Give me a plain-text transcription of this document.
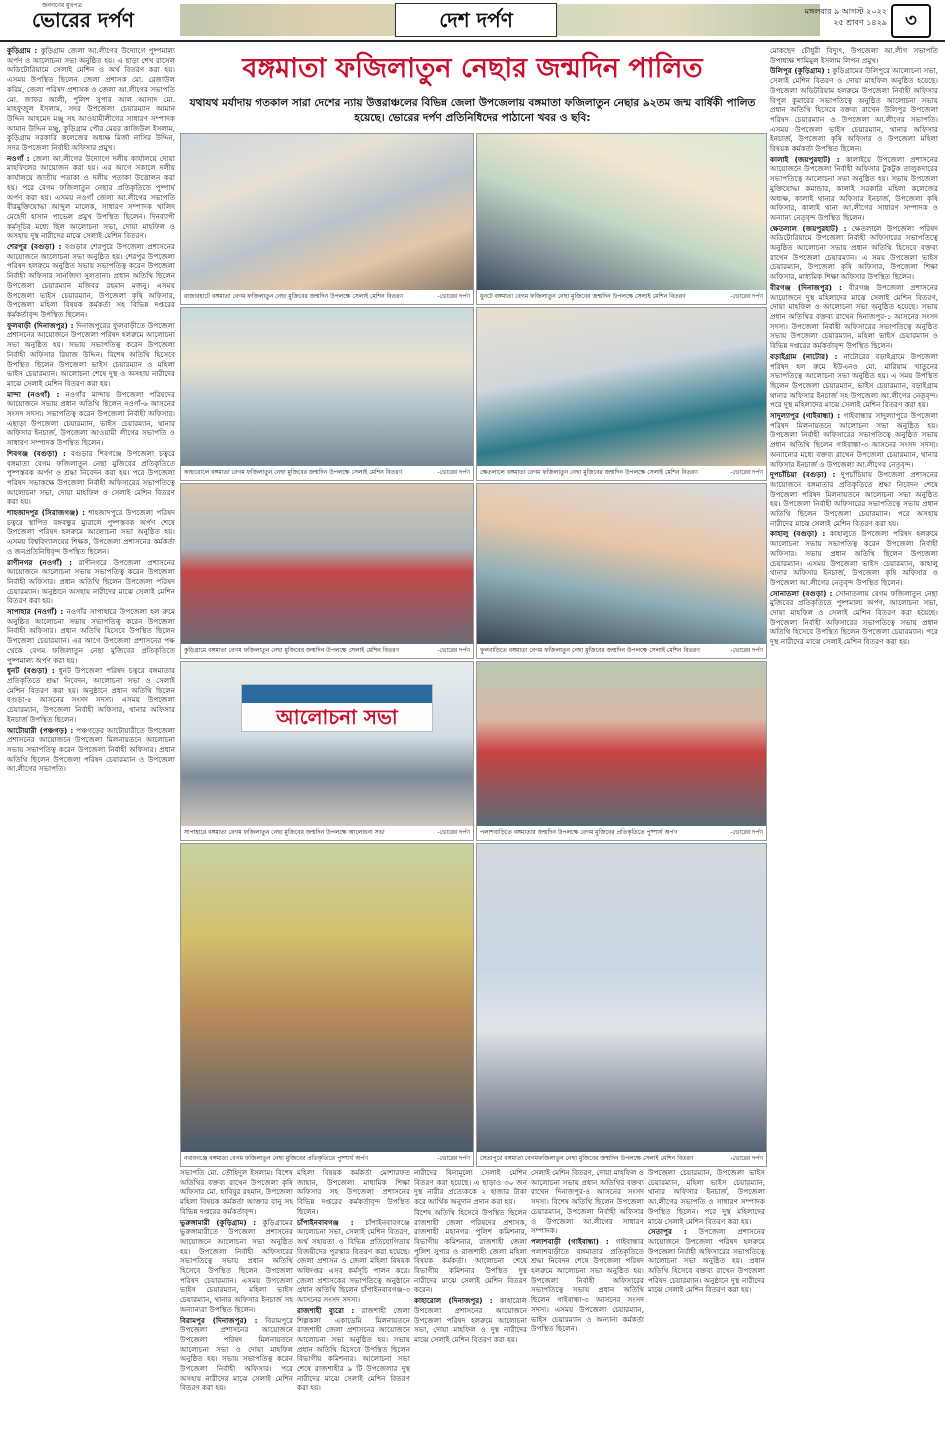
জনগণের মুখপত্র
ভোরের দর্পণ	দেশ দর্পণ	মঙ্গলবার ৯ আগস্ট ২০২২
২৫ শ্রাবণ ১৪২৯	৩

কুড়িগ্রাম : কুড়িগ্রাম জেলা আ.লীগের উদ্যোগে পুষ্পমাল্য অর্পণ ও আলোচনা সভা অনুষ্ঠিত হয়। এ ছাড়া শেখ রাসেল অডিটোরিয়ামে সেলাই মেশিন ও অর্থ বিতরণ করা হয়। এসময় উপস্থিত ছিলেন জেলা প্রশাসক মো. রেজাউল করিম, জেলা পরিষদ প্রশাসক ও জেলা আ.লীগের সভাপতি মো. জাফর আলী, পুলিশ সুপার আল আসাদ মো. মাহফুজুল ইসলাম, সদর উপজেলা চেয়ারম্যান আমান উদ্দিন আহমেদ মঞ্জু সহ আওয়ামীলীগের সাধারণ সম্পাদক আমান উদ্দিন মঞ্জু, কুড়িগ্রাম পৌর মেয়র কাজিউল ইসলাম, কুড়িগ্রাম সরকারি কলেজের অধ্যক্ষ মির্জা নাসির উদ্দিন, সদর উপজেলা নির্বাহী অফিসার প্রমুখ।

নওগাঁ : জেলা আ.লীগের উদ্যোগে দলীয় কার্যালয়ে দোয়া মাহফিলের আয়োজন করা হয়। এর আগে সকালে দলীয় কার্যালয়ে জাতীয় পতাকা ও দলীয় পতাকা উত্তোলন করা হয়। পরে বেগম ফজিলাতুন নেছার প্রতিকৃতিতে পুষ্পার্ঘ অর্পণ করা হয়। এসময় নওগাঁ জেলা আ.লীগের সভাপতি বীরমুক্তিযোদ্ধা আব্দুল মালেক, সাধারণ সম্পাদক খালিদ মেহেদী হাসান পাভেল প্রমুখ উপস্থিত ছিলেন। দিনব্যাপী কর্মসূচির মধ্যে ছিল আলোচনা সভা, দোয়া মাহফিল ও অসহায় দুস্থ নারীদের মাঝে সেলাই মেশিন বিতরণ।

শেরপুর (বগুড়া) : বগুড়ার শেরপুরে উপজেলা প্রশাসনের আয়োজনে আলোচনা সভা অনুষ্ঠিত হয়। শেরপুর উপজেলা পরিষদ হলরুমে অনুষ্ঠিত সভায় সভাপতিত্ব করেন উপজেলা নির্বাহী অফিসার সানজিদা সুলতানা। প্রধান অতিথি ছিলেন উপজেলা চেয়ারম্যান মজিবর রহমান মজনু। এসময় উপজেলা ভাইস চেয়ারম্যান, উপজেলা কৃষি অফিসার, উপজেলা মহিলা বিষয়ক কর্মকর্তা সহ বিভিন্ন দপ্তরের কর্মকর্তাবৃন্দ উপস্থিত ছিলেন।

ফুলবাড়ী (দিনাজপুর) : দিনাজপুরের ফুলবাড়ীতে উপজেলা প্রশাসনের আয়োজনে উপজেলা পরিষদ হলরুমে আলোচনা সভা অনুষ্ঠিত হয়। সভায় সভাপতিত্ব করেন উপজেলা নির্বাহী অফিসার রিয়াজ উদ্দিন। বিশেষ অতিথি হিসেবে উপস্থিত ছিলেন উপজেলা ভাইস চেয়ারম্যান ও মহিলা ভাইস চেয়ারম্যান। আলোচনা শেষে দুস্থ ও অসহায় নারীদের মাঝে সেলাই মেশিন বিতরণ করা হয়।

মান্দা (নওগাঁ) : নওগাঁর মান্দায় উপজেলা পরিষদের আয়োজনে সভায় প্রধান অতিথি ছিলেন নওগাঁ-৬ আসনের সংসদ সদস্য। সভাপতিত্ব করেন উপজেলা নির্বাহী অফিসার। এছাড়া উপজেলা চেয়ারম্যান, ভাইস চেয়ারম্যান, থানার অফিসার ইনচার্জ, উপজেলা আওয়ামী লীগের সভাপতি ও সাধারণ সম্পাদক উপস্থিত ছিলেন।

শিবগঞ্জ (বগুড়া) : বগুড়ার শিবগঞ্জে উপজেলা চত্বরে বঙ্গমাতা বেগম ফজিলাতুন নেছা মুজিবের প্রতিকৃতিতে পুষ্পস্তবক অর্পণ ও শ্রদ্ধা নিবেদন করা হয়। পরে উপজেলা পরিষদ সভাকক্ষে উপজেলা নির্বাহী অফিসারের সভাপতিত্বে আলোচনা সভা, দোয়া মাহফিল ও সেলাই মেশিন বিতরণ করা হয়।

শাহজাদপুর (সিরাজগঞ্জ) : শাহজাদপুরে উপজেলা পরিষদ চত্বরে স্থাপিত বঙ্গবন্ধুর ম্যুরালে পুষ্পস্তবক অর্পণ শেষে উপজেলা পরিষদ হলরুমে আলোচনা সভা অনুষ্ঠিত হয়। এসময় বিশ্ববিদ্যালয়ের শিক্ষক, উপজেলা প্রশাসনের কর্মকর্তা ও জনপ্রতিনিধিবৃন্দ উপস্থিত ছিলেন।

রাণীনগর (নওগাঁ) : রাণীনগরে উপজেলা প্রশাসনের আয়োজনে আলোচনা সভায় সভাপতিত্ব করেন উপজেলা নির্বাহী অফিসার। প্রধান অতিথি ছিলেন উপজেলা পরিষদ চেয়ারম্যান। অনুষ্ঠানে অসহায় নারীদের মাঝে সেলাই মেশিন বিতরণ করা হয়।

সাপাহার (নওগাঁ) : নওগাঁর সাপাহারে উপজেলা হল রুমে অনুষ্ঠিত আলোচনা সভায় সভাপতিত্ব করেন উপজেলা নির্বাহী অফিসার। প্রধান অতিথি হিসেবে উপস্থিত ছিলেন উপজেলা চেয়ারম্যান। এর আগে উপজেলা প্রশাসনের পক্ষ থেকে বেগম ফজিলাতুন নেছা মুজিবের প্রতিকৃতিতে পুষ্পমাল্য অর্পণ করা হয়।

ধুনট (বগুড়া) : ধুনট উপজেলা পরিষদ চত্বরে বঙ্গমাতার প্রতিকৃতিতে শ্রদ্ধা নিবেদন, আলোচনা সভা ও সেলাই মেশিন বিতরণ করা হয়। অনুষ্ঠানে প্রধান অতিথি ছিলেন বগুড়া-৫ আসনের সংসদ সদস্য। এসময় উপজেলা চেয়ারম্যান, উপজেলা নির্বাহী অফিসার, থানার অফিসার ইনচার্জ উপস্থিত ছিলেন।

আটোয়ারী (পঞ্চগড়) : পঞ্চগড়ের আটোয়ারীতে উপজেলা প্রশাসনের আয়োজনে উপজেলা মিলনায়তনে আলোচনা সভায় সভাপতিত্ব করেন উপজেলা নির্বাহী অফিসার। প্রধান অতিথি ছিলেন উপজেলা পরিষদ চেয়ারম্যান ও উপজেলা আ.লীগের সভাপতি।

মোকছেদ চৌধুরী বিদ্যুৎ, উপজেলা আ.লীগ সভাপতি উপাধ্যক্ষ শামিমুল ইসলাম লিপন প্রমুখ।

উলিপুর (কুড়িগ্রাম) : কুড়িগ্রামের উলিপুরে আলোচনা সভা, সেলাই মেশিন বিতরণ ও দোয়া মাহফিল অনুষ্ঠিত হয়েছে। উপজেলা অডিটরিয়াম হলরুমে উপজেলা নির্বাহী অফিসার বিপুল কুমারের সভাপতিত্বে অনুষ্ঠিত আলোচনা সভায় প্রধান অতিথি হিসেবে বক্তব্য রাখেন উলিপুর উপজেলা পরিষদ চেয়ারম্যান ও উপজেলা আ.লীগের সভাপতি। এসময় উপজেলা ভাইস চেয়ারম্যান, থানার অফিসার ইনচার্জ, উপজেলা কৃষি অফিসার ও উপজেলা মহিলা বিষয়ক কর্মকর্তা উপস্থিত ছিলেন।

কালাই (জয়পুরহাট) : কালাইয়ে উপজেলা প্রশাসনের আয়োজনে উপজেলা নির্বাহী অফিসার টুকটুক তালুকদারের সভাপতিত্বে আলোচনা সভা অনুষ্ঠিত হয়। সভায় উপজেলা মুক্তিযোদ্ধা কমান্ডার, কালাই সরকারি মহিলা কলেজের অধ্যক্ষ, কালাই থানার অফিসার ইনচার্জ, উপজেলা কৃষি অফিসার, কালাই থানা আ.লীগের সাধারণ সম্পাদক ও অন্যান্য নেতৃবৃন্দ উপস্থিত ছিলেন।

ক্ষেতলাল (জয়পুরহাট) : ক্ষেতলালে উপজেলা পরিষদ অডিটোরিয়ামে উপজেলা নির্বাহী অফিসারের সভাপতিত্বে অনুষ্ঠিত আলোচনা সভায় প্রধান অতিথি হিসেবে বক্তব্য রাখেন উপজেলা চেয়ারম্যান। এ সময় উপজেলা ভাইস চেয়ারম্যান, উপজেলা কৃষি অফিসার, উপজেলা শিক্ষা অফিসার, মাধ্যমিক শিক্ষা অফিসার উপস্থিত ছিলেন।

বীরগঞ্জ (দিনাজপুর) : বীরগঞ্জ উপজেলা প্রশাসনের আয়োজনে দুস্থ মহিলাদের মাঝে সেলাই মেশিন বিতরণ, দোয়া মাহফিল ও আলোচনা সভা অনুষ্ঠিত হয়েছে। সভায় প্রধান অতিথির বক্তব্য রাখেন দিনাজপুর-১ আসনের সংসদ সদস্য। উপজেলা নির্বাহী অফিসারের সভাপতিত্বে অনুষ্ঠিত সভায় উপজেলা চেয়ারম্যান, মহিলা ভাইস চেয়ারম্যান ও বিভিন্ন দপ্তরের কর্মকর্তাবৃন্দ উপস্থিত ছিলেন।

বড়াইগ্রাম (নাটোর) : নাটোরের বড়াইগ্রামে উপজেলা পরিষদ হল রুমে ইউএনও মো. মারিয়াম খাতুনের সভাপতিত্বে আলোচনা সভা অনুষ্ঠিত হয়। এ সময় উপস্থিত ছিলেন উপজেলা চেয়ারম্যান, ভাইস চেয়ারম্যান, বড়াইগ্রাম থানার অফিসার ইনচার্জ সহ উপজেলা আ.লীগের নেতৃবৃন্দ। পরে দুস্থ মহিলাদের মাঝে সেলাই মেশিন বিতরণ করা হয়।

সাদুল্যাপুর (গাইবান্ধা) : গাইবান্ধার সাদুল্যাপুরে উপজেলা পরিষদ মিলনায়তনে আলোচনা সভা অনুষ্ঠিত হয়। উপজেলা নির্বাহী অফিসারের সভাপতিত্বে অনুষ্ঠিত সভায় প্রধান অতিথি ছিলেন গাইবান্ধা-৩ আসনের সংসদ সদস্য। অন্যান্যের মধ্যে বক্তব্য রাখেন উপজেলা চেয়ারম্যান, থানার অফিসার ইনচার্জ ও উপজেলা আ.লীগের নেতৃবৃন্দ।

দুপচাঁচিয়া (বগুড়া) : দুপচাঁচিয়ায় উপজেলা প্রশাসনের আয়োজনে বঙ্গমাতার প্রতিকৃতিতে শ্রদ্ধা নিবেদন শেষে উপজেলা পরিষদ মিলনায়তনে আলোচনা সভা অনুষ্ঠিত হয়। উপজেলা নির্বাহী অফিসারের সভাপতিত্বে সভায় প্রধান অতিথি ছিলেন উপজেলা চেয়ারম্যান। পরে অসহায় নারীদের মাঝে সেলাই মেশিন বিতরণ করা হয়।

কাহালু (বগুড়া) : কাহালুতে উপজেলা পরিষদ হলরুমে আলোচনা সভায় সভাপতিত্ব করেন উপজেলা নির্বাহী অফিসার। সভায় প্রধান অতিথি ছিলেন উপজেলা চেয়ারম্যান। এসময় উপজেলা ভাইস চেয়ারম্যান, কাহালু থানার অফিসার ইনচার্জ, উপজেলা কৃষি অফিসার ও উপজেলা আ.লীগের নেতৃবৃন্দ উপস্থিত ছিলেন।

সোনাতলা (বগুড়া) : সোনাতলায় বেগম ফজিলাতুন নেছা মুজিবের প্রতিকৃতিতে পুষ্পমাল্য অর্পণ, আলোচনা সভা, দোয়া মাহফিল ও সেলাই মেশিন বিতরণ করা হয়েছে। উপজেলা নির্বাহী অফিসারের সভাপতিত্বে সভায় প্রধান অতিথি হিসেবে উপস্থিত ছিলেন উপজেলা চেয়ারম্যান। পরে দুস্থ নারীদের মাঝে সেলাই মেশিন বিতরণ করা হয়।

বঙ্গমাতা ফজিলাতুন নেছার জন্মদিন পালিত
যথাযথ মর্যাদায় গতকাল সারা দেশের ন্যায় উত্তরাঞ্চলের বিভিন্ন জেলা উপজেলায় বঙ্গমাতা ফজিলাতুন নেছার ৯২তম জন্ম বার্ষিকী পালিত হয়েছে। ভোরের দর্পণ প্রতিনিধিদের পাঠানো খবর ও ছবি:
রাজারহাটে বঙ্গমাতা বেগম ফজিলাতুন নেছা মুজিবের জন্মদিন উপলক্ষে সেলাই মেশিন বিতরণ	-ভোরের দর্পণ ধুনটে বঙ্গমাতা বেগম ফজিলাতুন নেছা মুজিবের জন্মদিন উপলক্ষে সেলাই মেশিন বিতরণ	-ভোরের দর্পণ
কাহারোলে বঙ্গমাতা বেগম ফজিলাতুন নেছা মুজিবের জন্মদিন উপলক্ষে সেলাই মেশিন বিতরণ	-ভোরের দর্পণ ক্ষেতলালে বঙ্গমাতা বেগম ফজিলাতুন নেছা মুজিবের জন্মদিন উপলক্ষে সেলাই মেশিন বিতরণ	-ভোরের দর্পণ
কুড়িগ্রামে বঙ্গমাতা বেগম ফজিলাতুন নেছা মুজিবের জন্মদিন উপলক্ষে সেলাই মেশিন বিতরণ	-ভোরের দর্পণ ফুলবাড়িতে বঙ্গমাতা বেগম ফজিলাতুন নেছা মুজিবের জন্মদিন উপলক্ষে সেলাই মেশিন বিতরণ	-ভোরের দর্পণ
আলোচনা সভা
সাপাহারে বঙ্গমাতা বেগম ফজিলাতুন নেছা মুজিবের জন্মদিন উপলক্ষে আলোচনা সভা	-ভোরের দর্পণ পলাশবাড়িতে বঙ্গমাতার জন্মদিন উপলক্ষে বেগম মুজিবের প্রতিকৃতিতে পুষ্পার্ঘ অর্পণ	-ভোরের দর্পণ
নবাবগঞ্জে বঙ্গমাতা বেগম ফজিলাতুন নেছা মুজিবের প্রতিকৃতিতে পুষ্পার্ঘ অর্পণ	-ভোরের দর্পণ সেতাপুরে বঙ্গমাতা বেগমফজিলাতুন নেছা মুজিবের জন্মদিন উপলক্ষে সেলাই মেশিন বিতরণ	-ভোরের দর্পণ

সভাপতি মো. তৌহিদুল ইসলাম। বিশেষ অতিথির বক্তব্য রাখেন উপজেলা কৃষি অফিসার মো. হাবিবুর রহমান, উপজেলা মহিলা বিষয়ক কর্মকর্তা আক্তার বানু সহ বিভিন্ন দপ্তরের কর্মকর্তাবৃন্দ।

ভুরুঙ্গামারী (কুড়িগ্রাম) : কুড়িগ্রামের ভুরুঙ্গামারীতে উপজেলা প্রশাসনের আয়োজনে আলোচনা সভা অনুষ্ঠিত হয়। উপজেলা নির্বাহী অফিসারের সভাপতিত্বে সভায় প্রধান অতিথি হিসেবে উপস্থিত ছিলেন উপজেলা পরিষদ চেয়ারম্যান। এসময় উপজেলা ভাইস চেয়ারম্যান, মহিলা ভাইস চেয়ারম্যান, থানার অফিসার ইনচার্জ সহ অন্যান্যরা উপস্থিত ছিলেন।

বিরামপুর (দিনাজপুর) : বিরামপুরে উপজেলা প্রশাসনের আয়োজনে উপজেলা পরিষদ মিলনায়তনে আলোচনা সভা ও দোয়া মাহফিল অনুষ্ঠিত হয়। সভায় সভাপতিত্ব করেন উপজেলা নির্বাহী অফিসার। পরে অসহায় নারীদের মাঝে সেলাই মেশিন বিতরণ করা হয়।

মহিলা বিষয়ক কর্মকর্তা মোশারফত জাহান, উপজেলা মাধ্যমিক শিক্ষা অফিসার সহ উপজেলা প্রশাসনের বিভিন্ন দপ্তরের কর্মকর্তাবৃন্দ উপস্থিত ছিলেন।

চাঁপাইনবাবগঞ্জ : চাঁপাইনবাবগঞ্জে আলোচনা সভা, সেলাই মেশিন বিতরণ, অর্থ সহায়তা ও বিভিন্ন প্রতিযোগিতায় বিজয়ীদের পুরস্কার বিতরণ করা হয়েছে। জেলা প্রশাসন ও জেলা মহিলা বিষয়ক অধিদপ্তর এসব কর্মসূচি পালন করে। জেলা প্রশাসকের সভাপতিত্বে অনুষ্ঠানে প্রধান অতিথি ছিলেন চাঁপাইনবাবগঞ্জ-৩ আসনের সংসদ সদস্য।

রাজশাহী ব্যুরো : রাজশাহী জেলা শিল্পকলা একাডেমি মিলনায়তনে রাজশাহী জেলা প্রশাসনের আয়োজনে আলোচনা সভা অনুষ্ঠিত হয়। সভায় প্রধান অতিথি হিসেবে উপস্থিত ছিলেন বিভাগীয় কমিশনার। আলোচনা সভা শেষে রাজশাহীর ৯ টি উপজেলার দুস্থ নারীদের মাঝে সেলাই মেশিন বিতরণ করা হয়।

নারীদের বিনামূল্যে সেলাই মেশিন বিতরণ করা হয়েছে। এ ছাড়াও ৩০ জন দুস্থ নারীর প্রত্যেককে ২ হাজার টাকা করে আর্থিক অনুদান প্রদান করা হয়।

বিশেষ অতিথি হিসেবে উপস্থিত ছিলেন রাজশাহী জেলা পরিষদের প্রশাসক, রাজশাহী মহানগর পুলিশ কমিশনার, বিভাগীয় কমিশনার, রাজশাহী জেলা পুলিশ সুপার ও রাজশাহী জেলা মহিলা বিষয়ক কর্মকর্তা। আলোচনা শেষে বিভাগীয় কমিশনার উপস্থিত দুস্থ নারীদের মাঝে সেলাই মেশিন বিতরণ করেন।

কাহারোল (দিনাজপুর) : কাহারোল উপজেলা প্রশাসনের আয়োজনে উপজেলা পরিষদ হলরুমে আলোচনা সভা, দোয়া মাহফিল ও দুস্থ নারীদের মাঝে সেলাই মেশিন বিতরণ করা হয়।

সেলাই মেশিন বিতরণ, দোয়া মাহফিল ও আলোচনা সভায় প্রধান অতিথির বক্তব্য রাখেন দিনাজপুর-৪ আসনের সংসদ সদস্য। বিশেষ অতিথি ছিলেন উপজেলা চেয়ারম্যান, উপজেলা নির্বাহী অফিসার ও উপজেলা আ.লীগের সাধারণ সম্পাদক।

পলাশবাড়ী (গাইবান্ধা) : গাইবান্ধার পলাশবাড়ীতে বঙ্গমাতার প্রতিকৃতিতে শ্রদ্ধা নিবেদন শেষে উপজেলা পরিষদ হলরুমে আলোচনা সভা অনুষ্ঠিত হয়। উপজেলা নির্বাহী অফিসারের সভাপতিত্বে সভায় প্রধান অতিথি ছিলেন গাইবান্ধা-৩ আসনের সংসদ সদস্য। এসময় উপজেলা চেয়ারম্যান, ভাইস চেয়ারম্যান ও অন্যান্য কর্মকর্তা উপস্থিত ছিলেন।

উপজেলা চেয়ারম্যান, উপজেলা ভাইস চেয়ারম্যান, মহিলা ভাইস চেয়ারম্যান, থানার অফিসার ইনচার্জ, উপজেলা আ.লীগের সভাপতি ও সাধারণ সম্পাদক উপস্থিত ছিলেন। পরে দুস্থ মহিলাদের মাঝে সেলাই মেশিন বিতরণ করা হয়।

সেতাপুর : উপজেলা প্রশাসনের আয়োজনে উপজেলা পরিষদ হলরুমে উপজেলা নির্বাহী অফিসারের সভাপতিত্বে আলোচনা সভা অনুষ্ঠিত হয়। প্রধান অতিথি হিসেবে বক্তব্য রাখেন উপজেলা পরিষদ চেয়ারম্যান। অনুষ্ঠানে দুস্থ নারীদের মাঝে সেলাই মেশিন বিতরণ করা হয়।
